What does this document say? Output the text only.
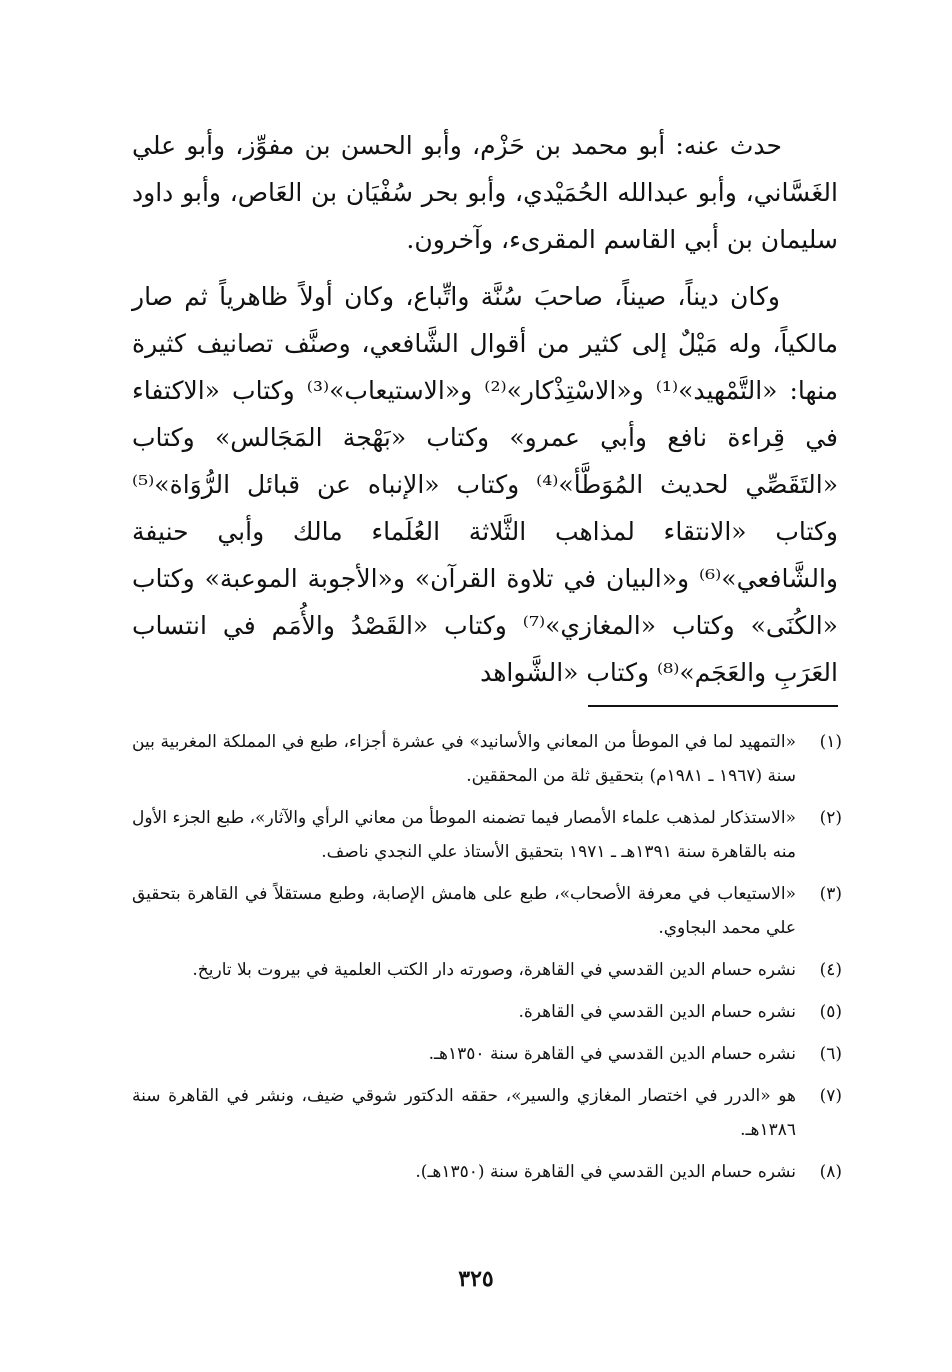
حدث عنه: أبو محمد بن حَزْم، وأبو الحسن بن مفوِّز، وأبو علي الغَسَّاني، وأبو عبدالله الحُمَيْدي، وأبو بحر سُفْيَان بن العَاص، وأبو داود سليمان بن أبي القاسم المقرىء، وآخرون.

وكان ديناً، صيناً، صاحبَ سُنَّة واتِّباع، وكان أولاً ظاهرياً ثم صار مالكياً، وله مَيْلٌ إلى كثير من أقوال الشَّافعي، وصنَّف تصانيف كثيرة منها: «التَّمْهيد»⁽¹⁾ و«الاسْتِذْكار»⁽²⁾ و«الاستيعاب»⁽³⁾ وكتاب «الاكتفاء في قِراءة نافع وأبي عمرو» وكتاب «بَهْجة المَجَالس» وكتاب «التَقَصِّي لحديث المُوَطَّأ»⁽⁴⁾ وكتاب «الإنباه عن قبائل الرُّوَاة»⁽⁵⁾ وكتاب «الانتقاء لمذاهب الثَّلاثة العُلَماء مالك وأبي حنيفة والشَّافعي»⁽⁶⁾ و«البيان في تلاوة القرآن» و«الأجوبة الموعبة» وكتاب «الكُنَى» وكتاب «المغازي»⁽⁷⁾ وكتاب «القَصْدُ والأُمَم في انتساب العَرَبِ والعَجَم»⁽⁸⁾ وكتاب «الشَّواهد

(١)
«التمهيد لما في الموطأ من المعاني والأسانيد» في عشرة أجزاء، طبع في المملكة المغربية بين سنة (١٩٦٧ ـ ١٩٨١م) بتحقيق ثلة من المحققين.
(٢)
«الاستذكار لمذهب علماء الأمصار فيما تضمنه الموطأ من معاني الرأي والآثار»، طبع الجزء الأول منه بالقاهرة سنة ١٣٩١هـ ـ ١٩٧١ بتحقيق الأستاذ علي النجدي ناصف.
(٣)
«الاستيعاب في معرفة الأصحاب»، طبع على هامش الإصابة، وطبع مستقلاً في القاهرة بتحقيق علي محمد البجاوي.
(٤)
نشره حسام الدين القدسي في القاهرة، وصورته دار الكتب العلمية في بيروت بلا تاريخ.
(٥)
نشره حسام الدين القدسي في القاهرة.
(٦)
نشره حسام الدين القدسي في القاهرة سنة ١٣٥٠هـ.
(٧)
هو «الدرر في اختصار المغازي والسير»، حققه الدكتور شوقي ضيف، ونشر في القاهرة سنة ١٣٨٦هـ.
(٨)
نشره حسام الدين القدسي في القاهرة سنة (١٣٥٠هـ).
٣٢٥
